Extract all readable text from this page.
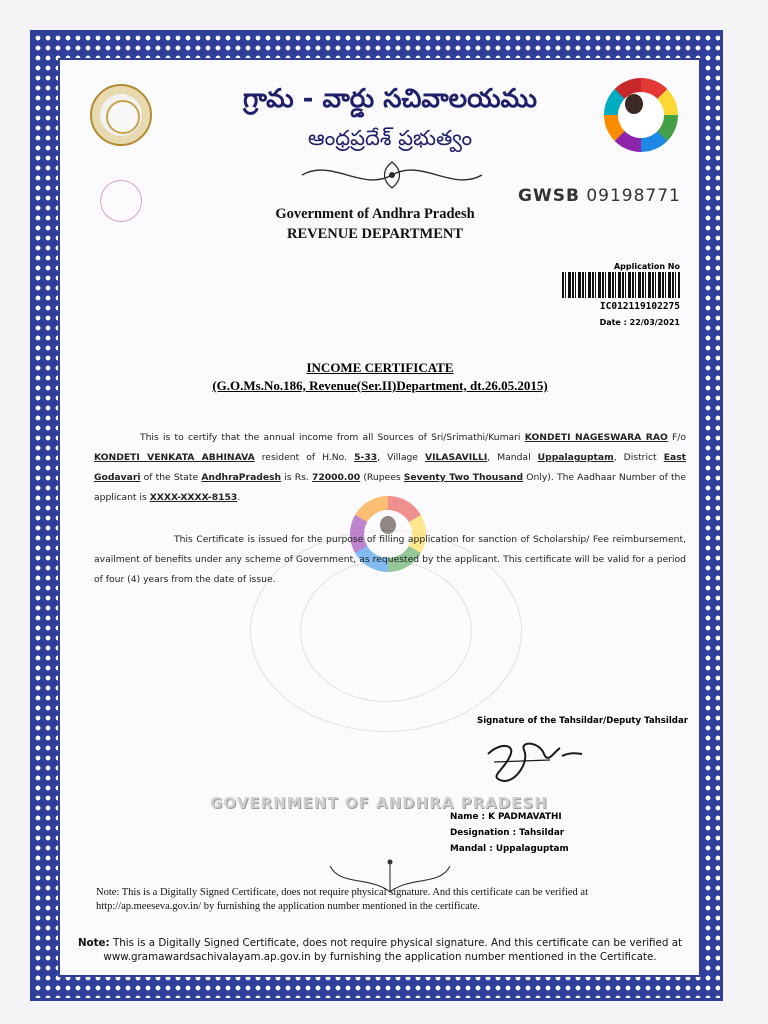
గ్రామ - వార్డు సచివాలయము
ఆంధ్రప్రదేశ్ ప్రభుత్వం
GWSB 09198771
Government of Andhra Pradesh
REVENUE DEPARTMENT
Application No
IC012119102275
Date : 22/03/2021
INCOME CERTIFICATE
(G.O.Ms.No.186, Revenue(Ser.II)Department, dt.26.05.2015)
This is to certify that the annual income from all Sources of Sri/Srimathi/Kumari KONDETI NAGESWARA RAO F/o KONDETI VENKATA ABHINAVA resident of H.No. 5-33, Village VILASAVILLI, Mandal Uppalaguptam, District East Godavari of the State AndhraPradesh is Rs. 72000.00 (Rupees Seventy Two Thousand Only). The Aadhaar Number of the applicant is XXXX-XXXX-8153.
This Certificate is issued for the purpose of filling application for sanction of Scholarship/ Fee reimbursement, availment of benefits under any scheme of Government, as requested by the applicant. This certificate will be valid for a period of four (4) years from the date of issue.
Signature of the Tahsildar/Deputy Tahsildar
GOVERNMENT OF ANDHRA PRADESH
Name : K PADMAVATHI
Designation : Tahsildar
Mandal : Uppalaguptam
Note: This is a Digitally Signed Certificate, does not require physical signature. And this certificate can be verified at http://ap.meeseva.gov.in/ by furnishing the application number mentioned in the certificate.
Note: This is a Digitally Signed Certificate, does not require physical signature. And this certificate can be verified at www.gramawardsachivalayam.ap.gov.in by furnishing the application number mentioned in the Certificate.
